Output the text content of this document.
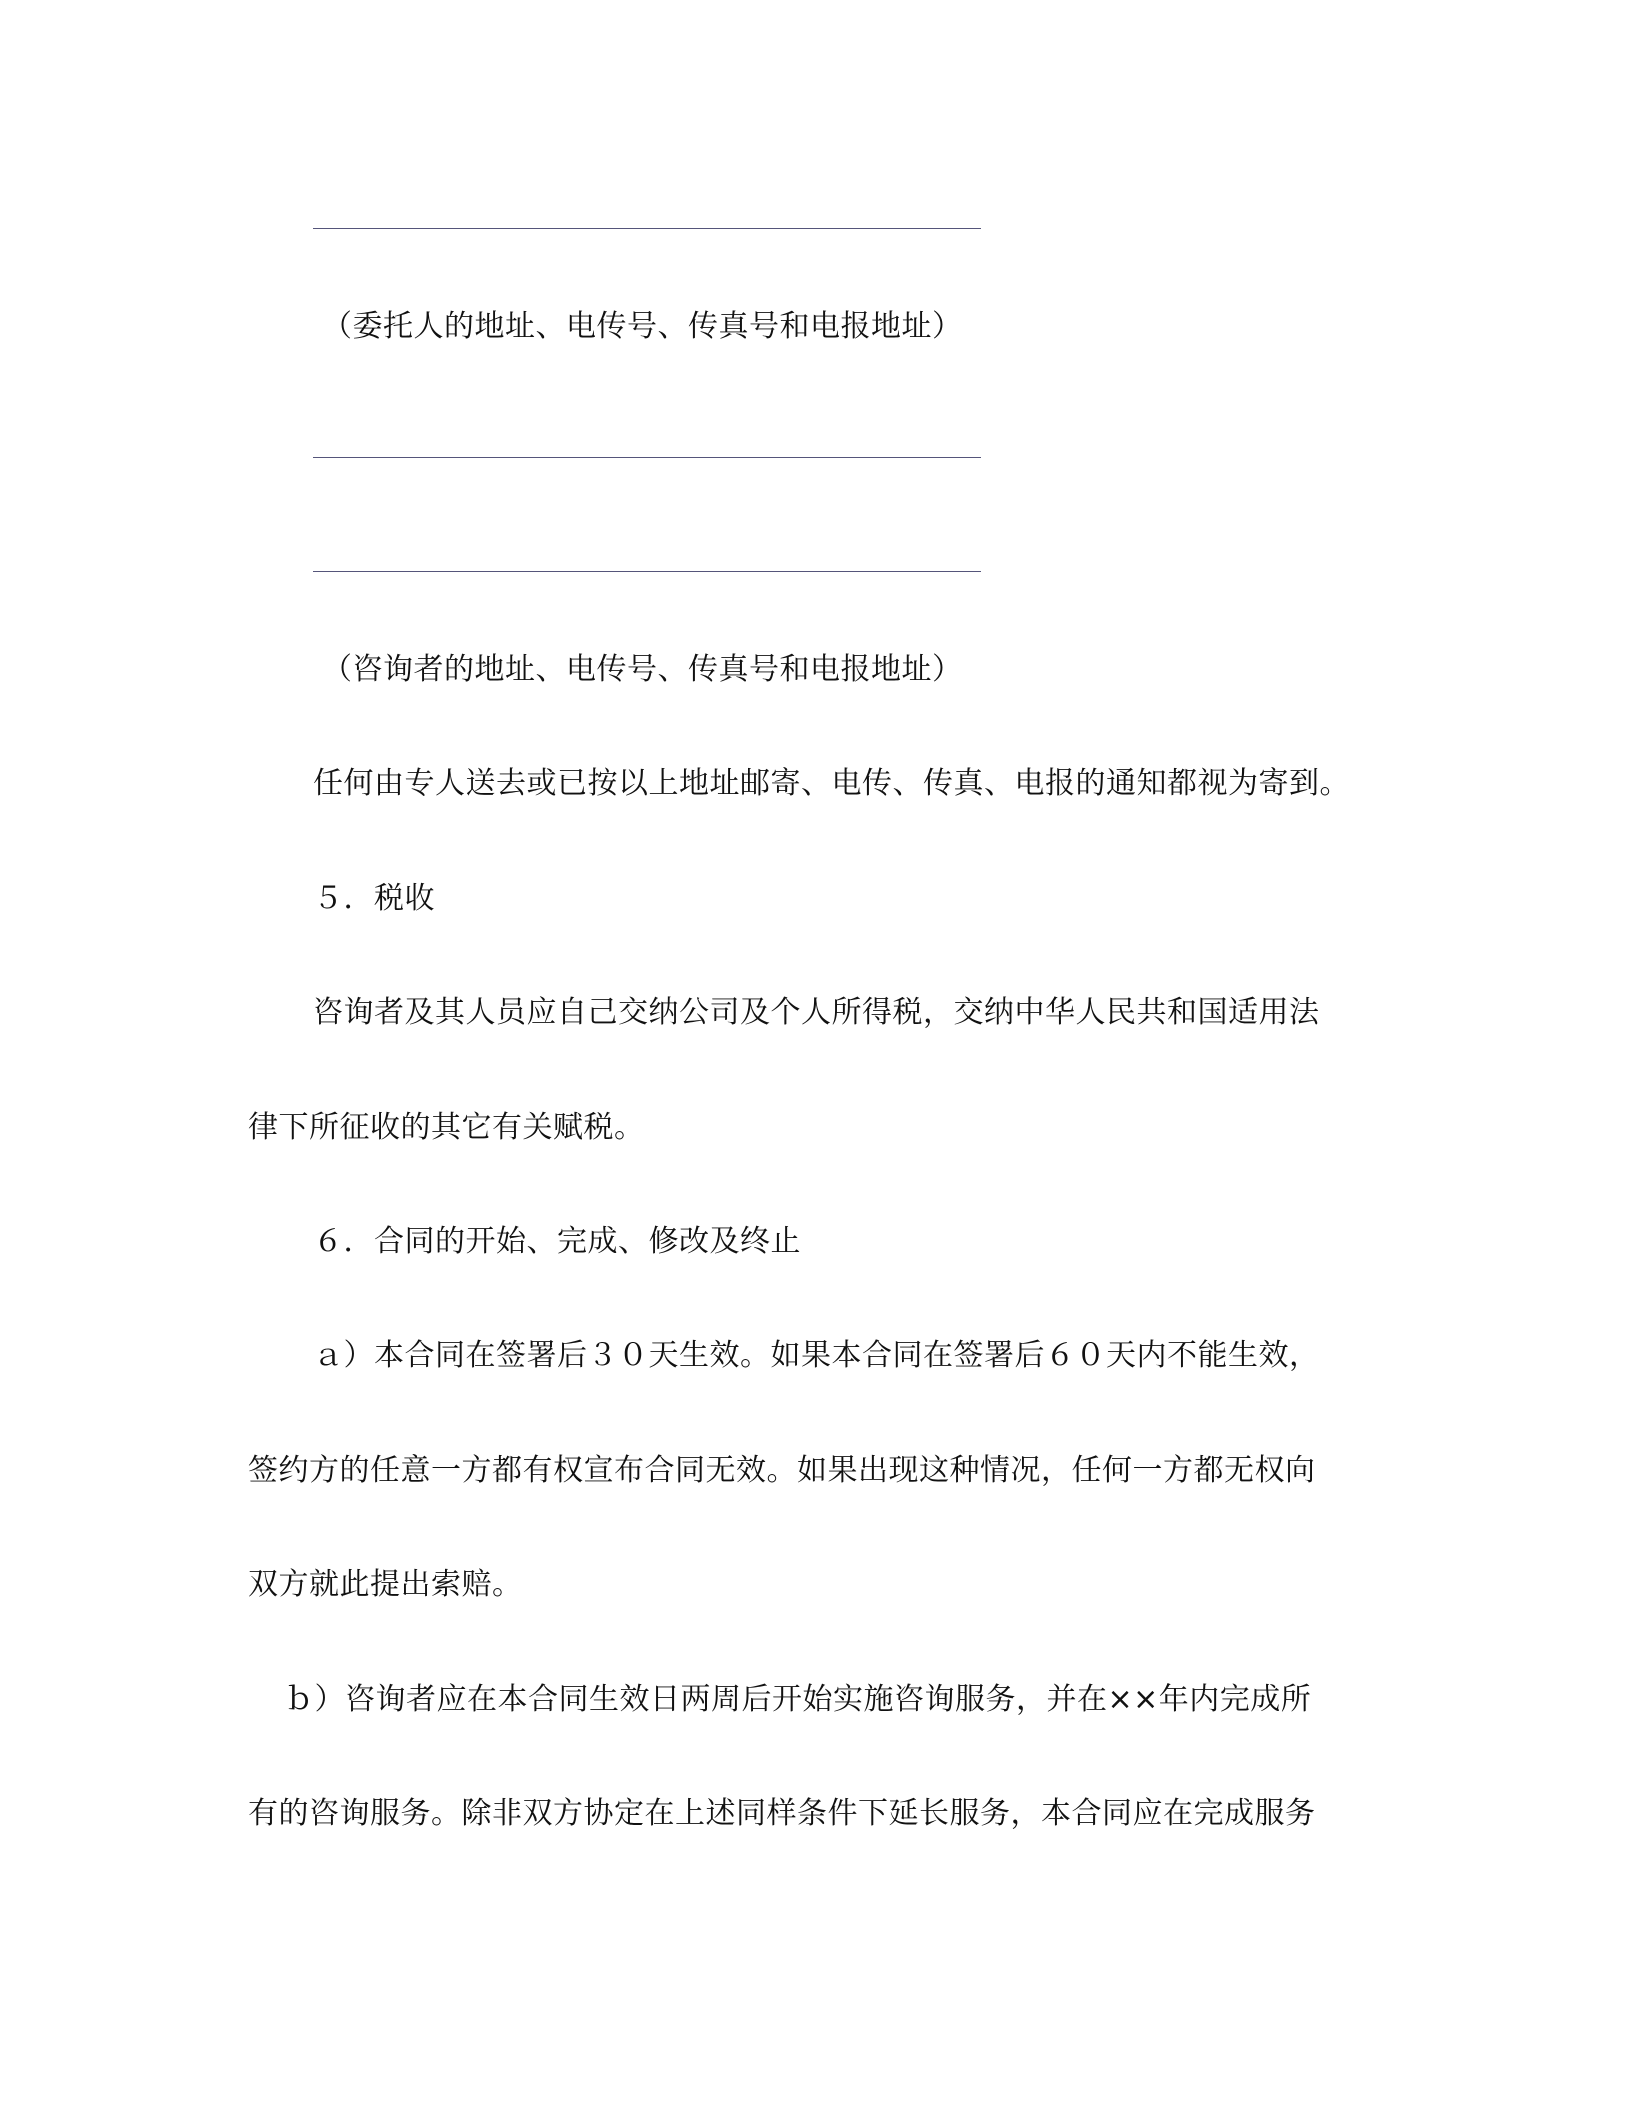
（委托人的地址、电传号、传真号和电报地址）
（咨询者的地址、电传号、传真号和电报地址）
任何由专人送去或已按以上地址邮寄、电传、传真、电报的通知都视为寄到。
５．税收
咨询者及其人员应自己交纳公司及个人所得税，交纳中华人民共和国适用法
律下所征收的其它有关赋税。
６．合同的开始、完成、修改及终止
ａ）本合同在签署后３０天生效。如果本合同在签署后６０天内不能生效，
签约方的任意一方都有权宣布合同无效。如果出现这种情况，任何一方都无权向
双方就此提出索赔。
ｂ）咨询者应在本合同生效日两周后开始实施咨询服务，并在××年内完成所
有的咨询服务。除非双方协定在上述同样条件下延长服务，本合同应在完成服务
